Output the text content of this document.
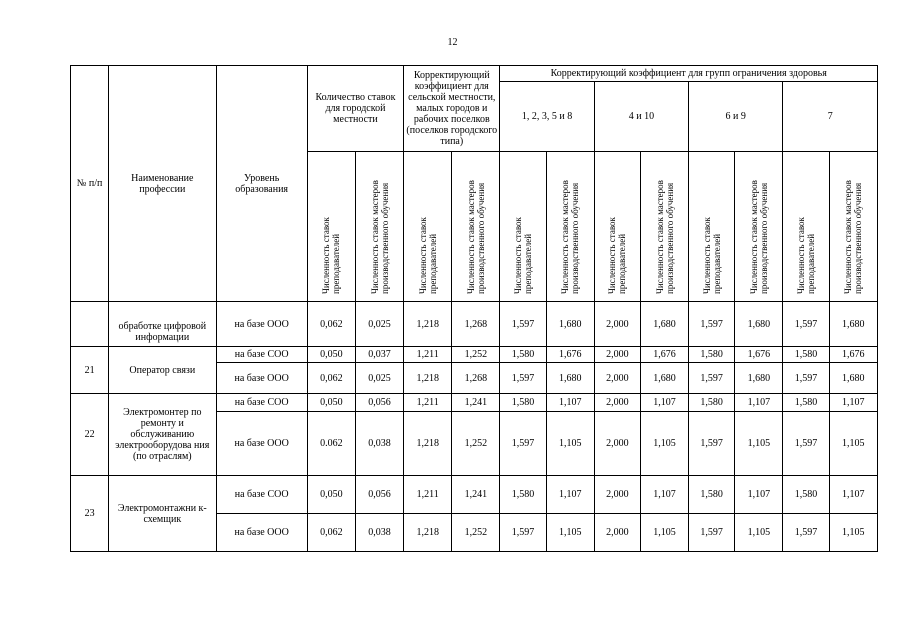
12
№ п/п	Наименование профессии	Уровень образования	Количество ставок для городской местности		Корректирующий коэффициент для сельской местности, малых городов и рабочих поселков (поселков городского типа)		Корректирующий коэффициент для групп ограничения здоровья							
							1, 2, 3, 5 и 8		4 и 10		6 и 9		7	
			Численность ставок преподавателей	Численность ставок мастеров производственного обучения	Численность ставок преподавателей	Численность ставок мастеров производственного обучения	Численность ставок преподавателей	Численность ставок мастеров производственного обучения	Численность ставок преподавателей	Численность ставок мастеров производственного обучения	Численность ставок преподавателей	Численность ставок мастеров производственного обучения	Численность ставок преподавателей	Численность ставок мастеров производственного обучения
	обработке цифровой информации	на базе ООО	0,062	0,025	1,218	1,268	1,597	1,680	2,000	1,680	1,597	1,680	1,597	1,680
21	Оператор связи	на базе СОО	0,050	0,037	1,211	1,252	1,580	1,676	2,000	1,676	1,580	1,676	1,580	1,676
		на базе ООО	0,062	0,025	1,218	1,268	1,597	1,680	2,000	1,680	1,597	1,680	1,597	1,680
22	Электромонтер по ремонту и обслуживанию электрооборудова ния (по отраслям)	на базе СОО	0,050	0,056	1,211	1,241	1,580	1,107	2,000	1,107	1,580	1,107	1,580	1,107
		на базе ООО	0.062	0,038	1,218	1,252	1,597	1,105	2,000	1,105	1,597	1,105	1,597	1,105
23	Электромонтажни к-схемщик	на базе СОО	0,050	0,056	1,211	1,241	1,580	1,107	2,000	1,107	1,580	1,107	1,580	1,107
		на базе ООО	0,062	0,038	1,218	1,252	1,597	1,105	2,000	1,105	1,597	1,105	1,597	1,105
